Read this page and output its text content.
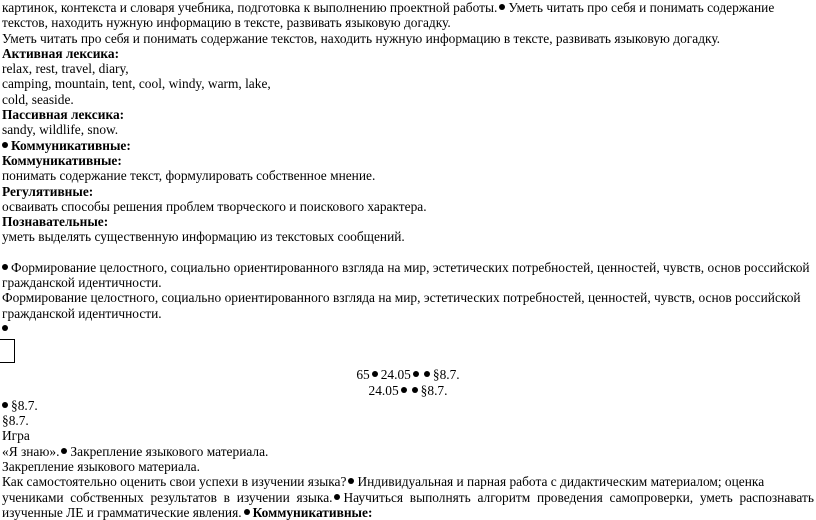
картинок, контекста и словаря учебника, подготовка к выполнению проектной работы. Уметь читать про себя и понимать содержание
текстов, находить нужную информацию в тексте, развивать языковую догадку.
Уметь читать про себя и понимать содержание текстов, находить нужную информацию в тексте, развивать языковую догадку.
Активная лексика:
relax, rest, travel, diary,
camping, mountain, tent, cool, windy, warm, lake,
cold, seaside.
Пассивная лексика:
sandy, wildlife, snow.
Коммуникативные:
Коммуникативные:
понимать содержание текст, формулировать собственное мнение.
Регулятивные:
осваивать способы решения проблем творческого и поискового характера.
Познавательные:
уметь выделять существенную информацию из текстовых сообщений.
Формирование целостного, социально ориентированного взгляда на мир, эстетических потребностей, ценностей, чувств, основ российской
гражданской идентичности.
Формирование целостного, социально ориентированного взгляда на мир, эстетических потребностей, ценностей, чувств, основ российской
гражданской идентичности.
65 24.05 §8.7.
24.05 §8.7.
§8.7.
§8.7.
Игра
«Я знаю». Закрепление языкового материала.
Закрепление языкового материала.
Как самостоятельно оценить свои успехи в изучении языка? Индивидуальная и парная работа с дидактическим материалом; оценка
учениками собственных результатов в изучении языка. Научиться выполнять алгоритм проведения самопроверки, уметь распознавать
изученные ЛЕ и грамматические явления. Коммуникативные:
